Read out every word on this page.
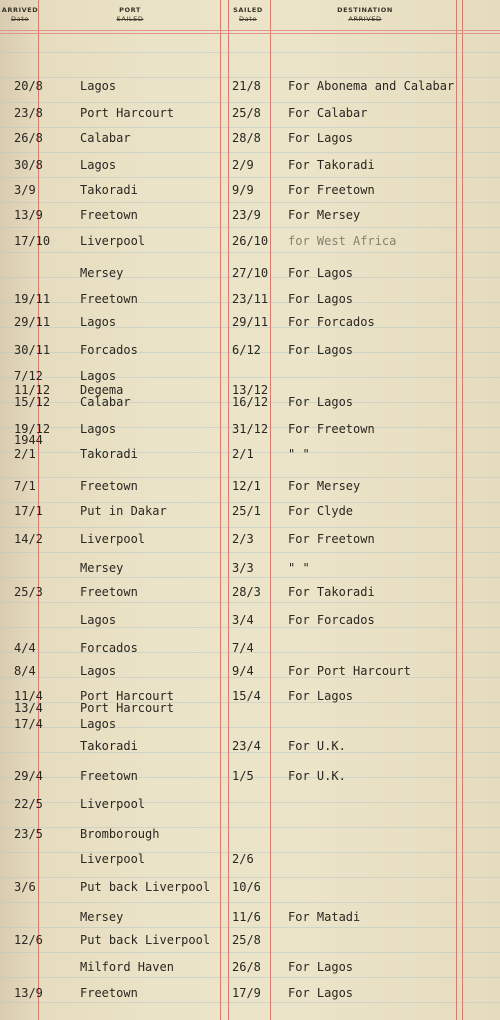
ARRIVED
Date
PORT
SAILED
SAILED
Date
DESTINATION
ARRIVED
20/8	Lagos	21/8 For Abonema and Calabar
23/8	Port Harcourt	25/8 For Calabar
26/8	Calabar	28/8 For Lagos
30/8	Lagos	2/9	For Takoradi
3/9	Takoradi	9/9	For Freetown
13/9	Freetown	23/9 For Mersey
17/10 Liverpool	26/10 for West Africa
Mersey	27/10 For Lagos
19/11 Freetown	23/11 For Lagos
29/11 Lagos	29/11 For Forcados
30/11 Forcados	6/12 For Lagos
7/12	Lagos
11/12 Degema	13/12
15/12 Calabar	16/12 For Lagos
19/12 Lagos	31/12 For Freetown
1944
2/1	Takoradi	2/1	" "
7/1	Freetown	12/1 For Mersey
17/1	Put in Dakar	25/1 For Clyde
14/2	Liverpool	2/3	For Freetown
Mersey	3/3	" "
25/3	Freetown	28/3 For Takoradi
Lagos	3/4	For Forcados
4/4	Forcados	7/4
8/4	Lagos	9/4	For Port Harcourt
11/4	Port Harcourt	15/4 For Lagos
13/4	Port Harcourt
17/4	Lagos
Takoradi	23/4 For U.K.
29/4	Freetown	1/5	For U.K.
22/5	Liverpool
23/5	Bromborough
Liverpool	2/6
3/6	Put back Liverpool 10/6
Mersey	11/6 For Matadi
12/6	Put back Liverpool 25/8
Milford Haven	26/8 For Lagos
13/9	Freetown	17/9 For Lagos
